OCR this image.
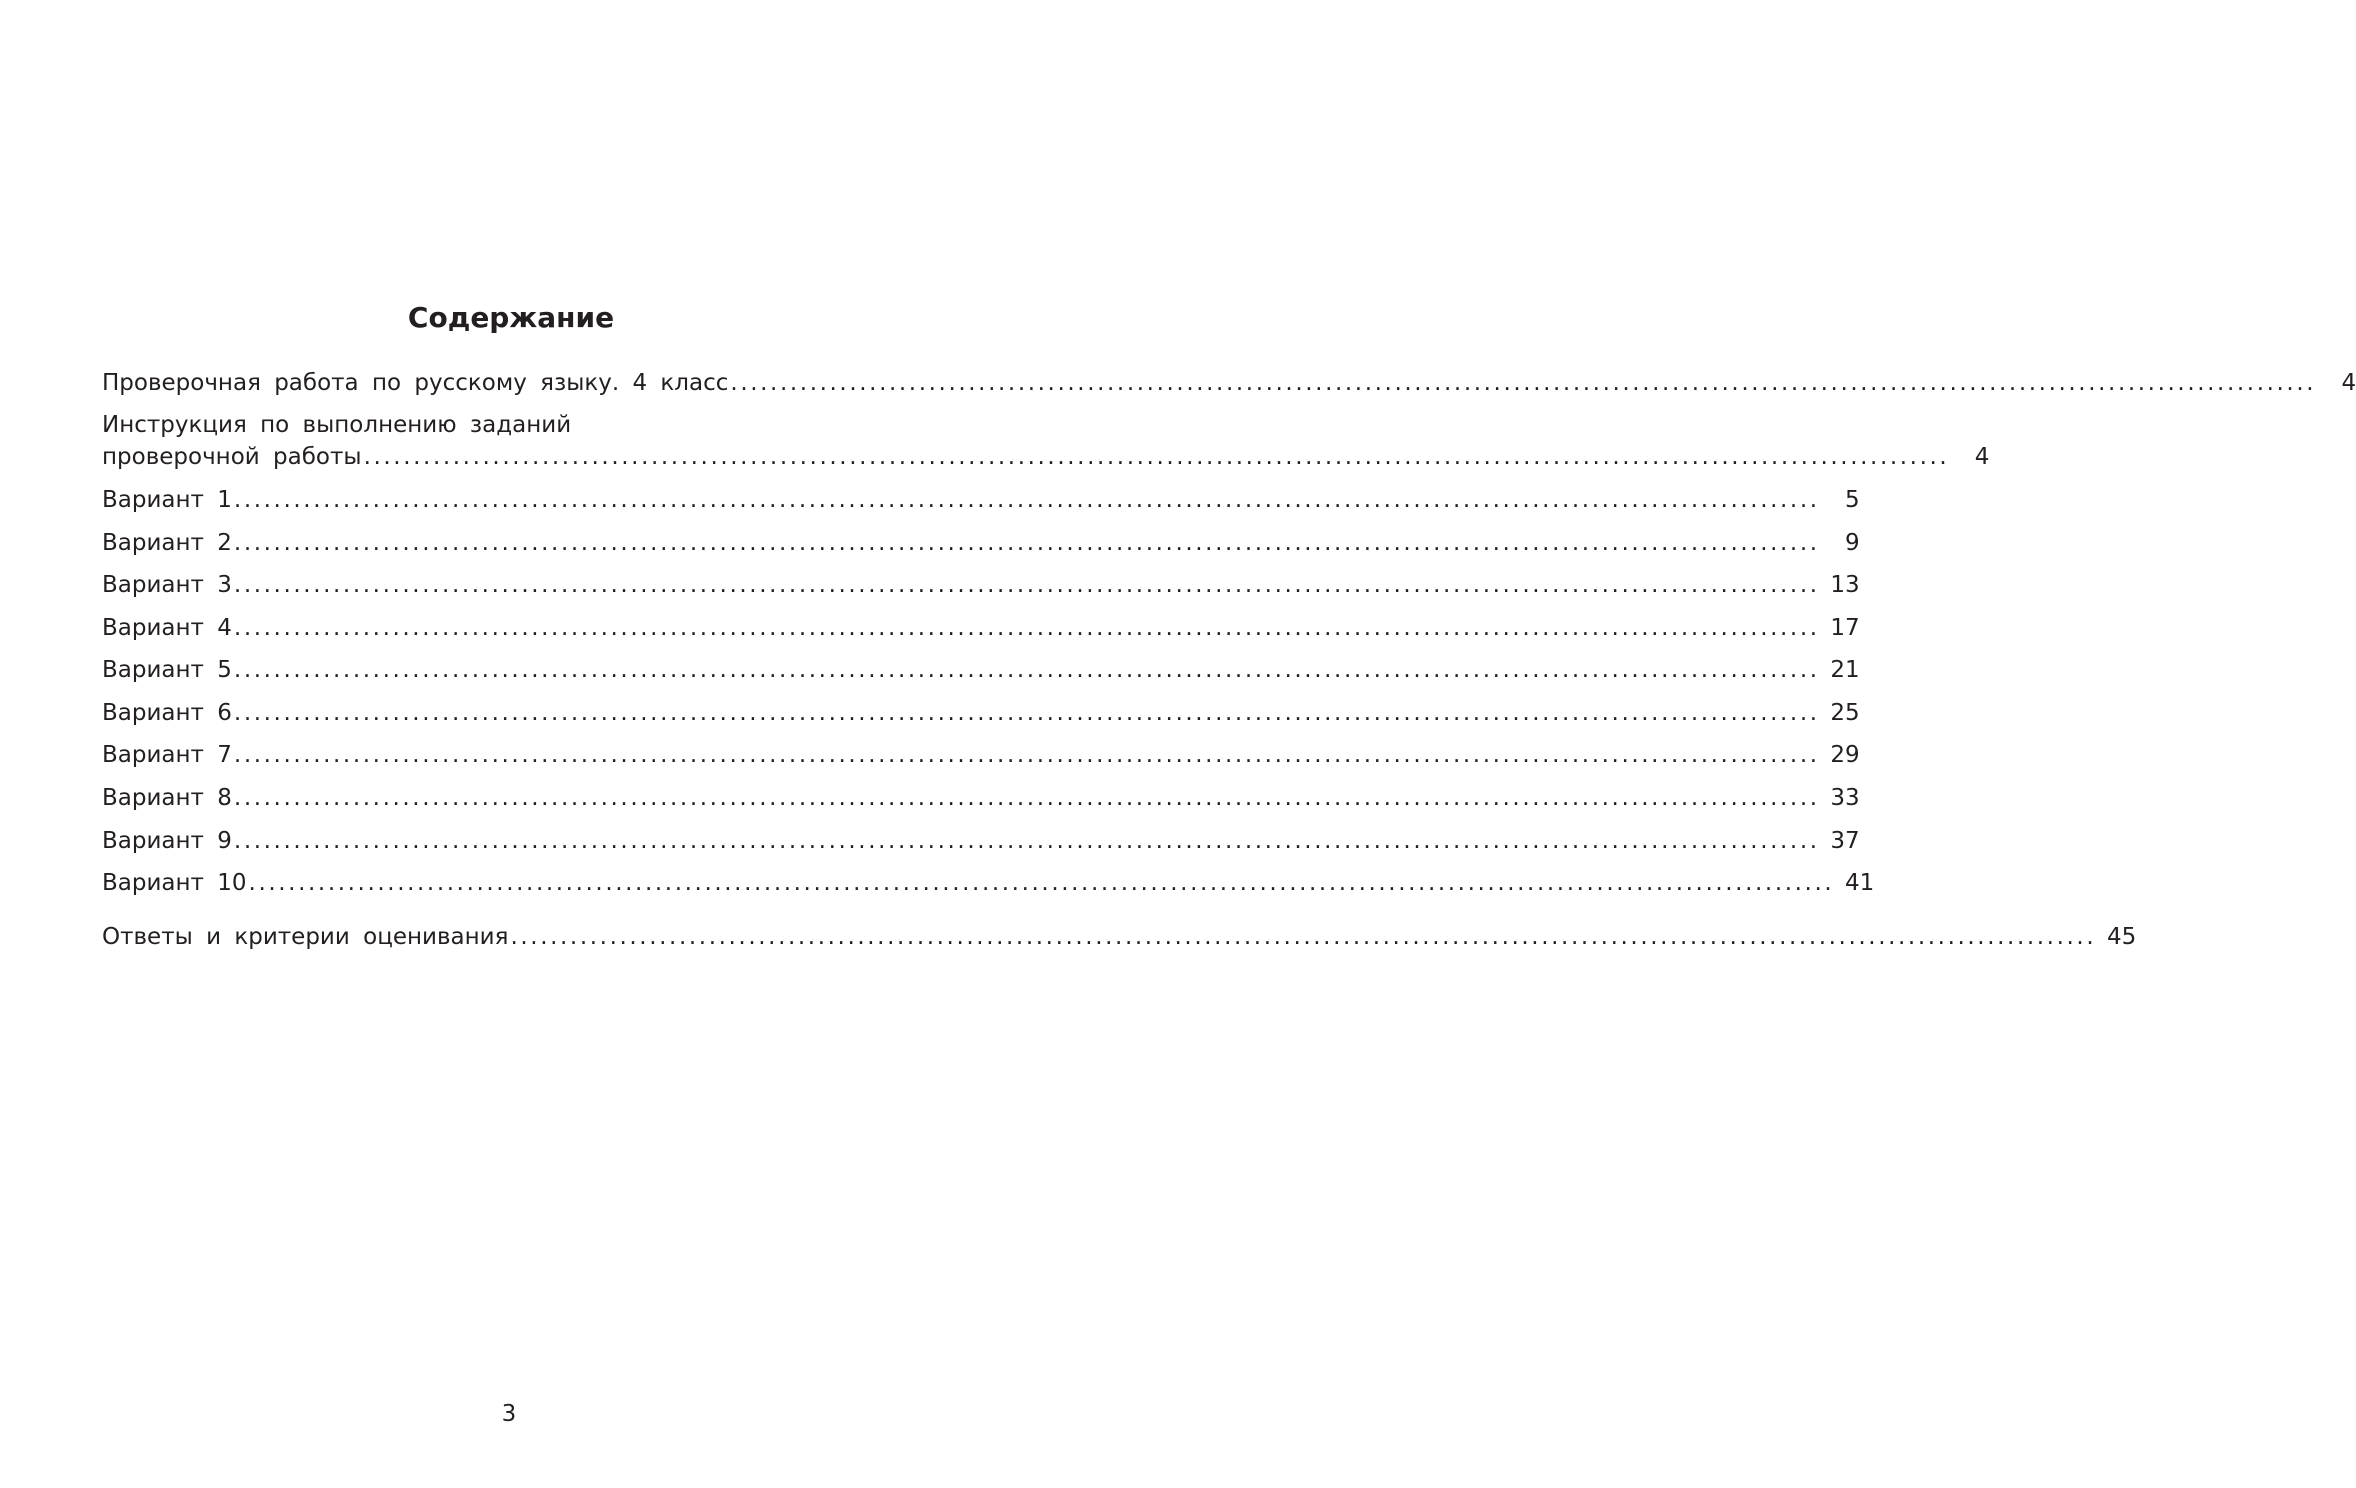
Содержание
Проверочная работа по русскому языку. 4 класс ................................................................................................................................................................	4
Инструкция по выполнению заданий
проверочной работы ................................................................................................................................................................	4
Вариант 1 ................................................................................................................................................................	5
Вариант 2 ................................................................................................................................................................	9
Вариант 3 ................................................................................................................................................................ 13
Вариант 4 ................................................................................................................................................................ 17
Вариант 5 ................................................................................................................................................................ 21
Вариант 6 ................................................................................................................................................................ 25
Вариант 7 ................................................................................................................................................................ 29
Вариант 8 ................................................................................................................................................................ 33
Вариант 9 ................................................................................................................................................................ 37
Вариант 10 ................................................................................................................................................................ 41
Ответы и критерии оценивания ................................................................................................................................................................ 45
3
